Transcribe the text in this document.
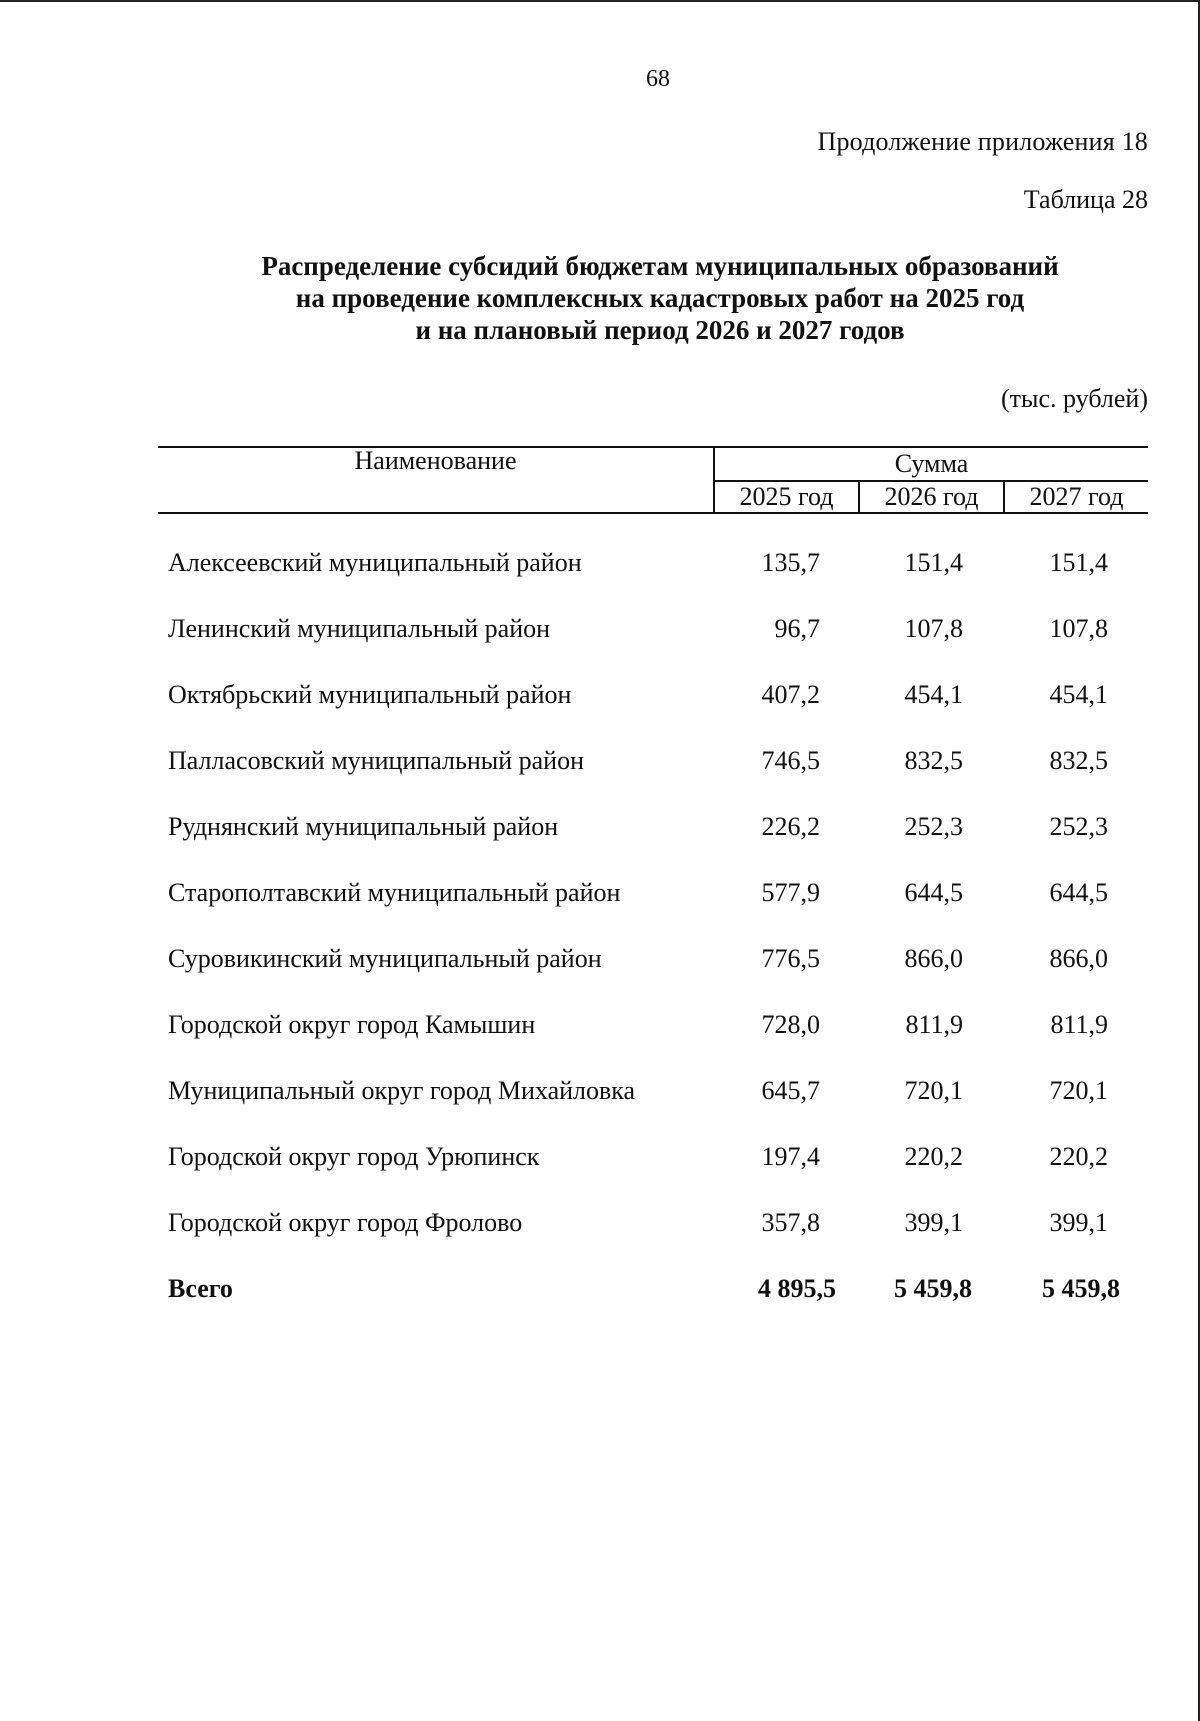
68
Продолжение приложения 18
Таблица 28
Распределение субсидий бюджетам муниципальных образований
на проведение комплексных кадастровых работ на 2025 год
и на плановый период 2026 и 2027 годов
(тыс. рублей)
Наименование	Сумма
2025 год	2026 год	2027 год
Алексеевский муниципальный район	135,7	151,4	151,4
Ленинский муниципальный район	96,7	107,8	107,8
Октябрьский муниципальный район	407,2	454,1	454,1
Палласовский муниципальный район	746,5	832,5	832,5
Руднянский муниципальный район	226,2	252,3	252,3
Старополтавский муниципальный район	577,9	644,5	644,5
Суровикинский муниципальный район	776,5	866,0	866,0
Городской округ город Камышин	728,0	811,9	811,9
Муниципальный округ город Михайловка	645,7	720,1	720,1
Городской округ город Урюпинск	197,4	220,2	220,2
Городской округ город Фролово	357,8	399,1	399,1
Всего	4 895,5	5 459,8	5 459,8
